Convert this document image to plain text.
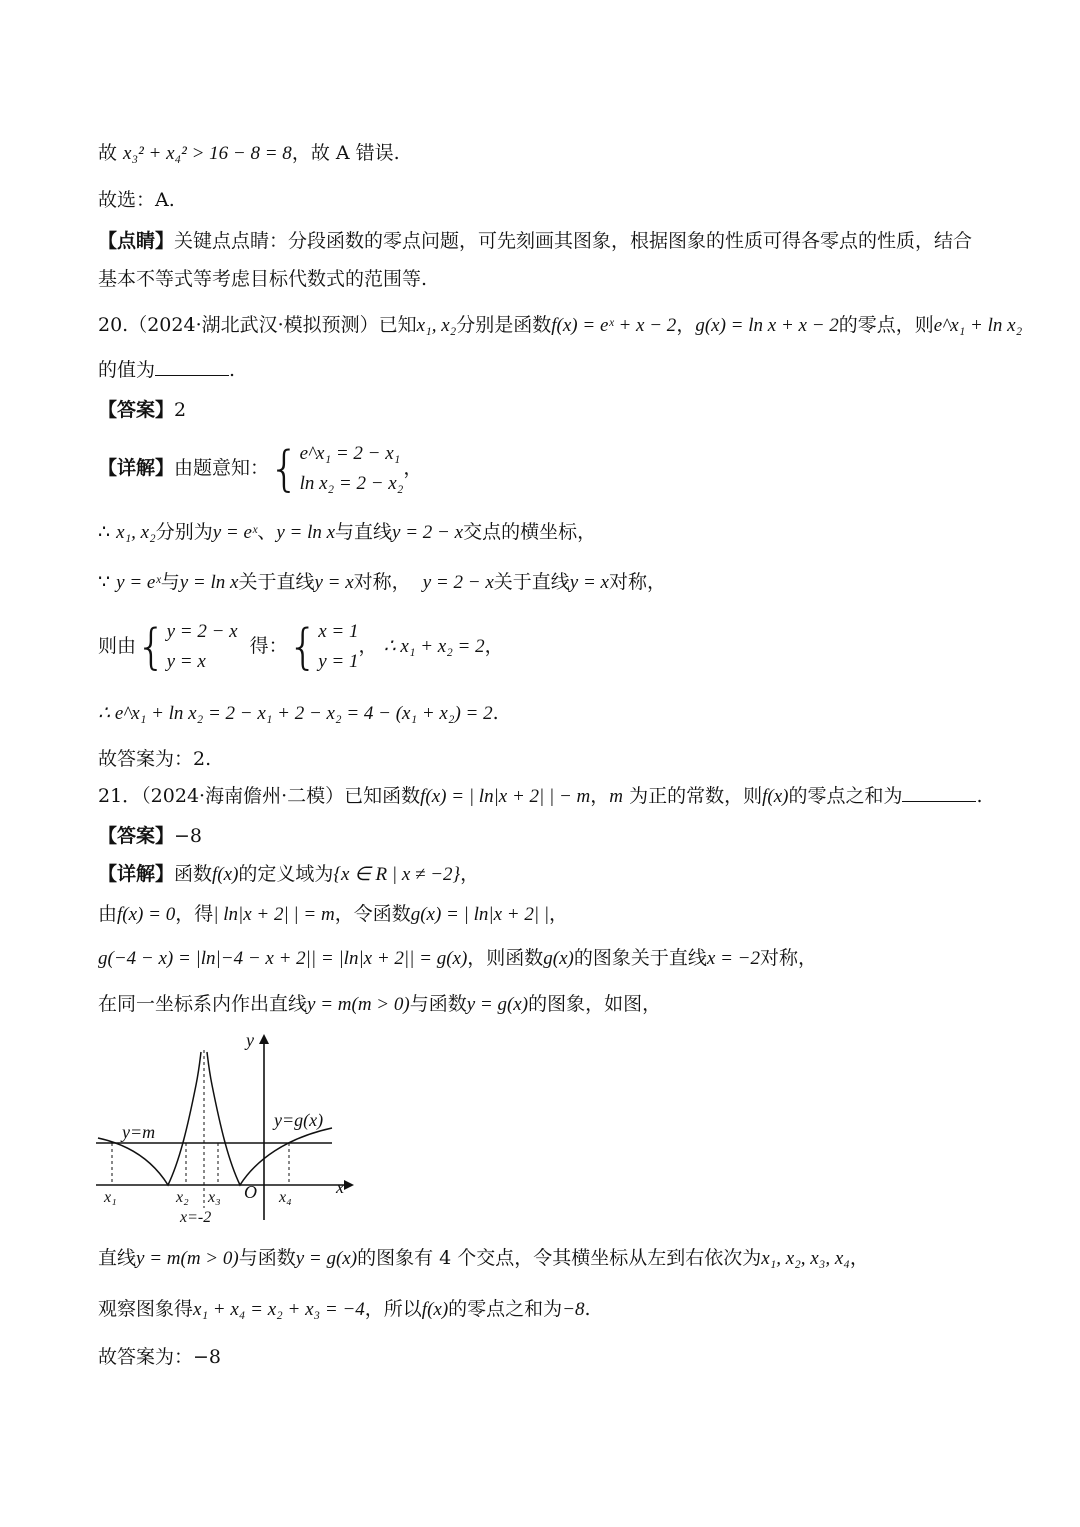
故 x₃² + x₄² > 16 − 8 = 8，故 A 错误.
故选：A.
【点睛】关键点点睛：分段函数的零点问题，可先刻画其图象，根据图象的性质可得各零点的性质，结合
基本不等式等考虑目标代数式的范围等.
20.（2024·湖北武汉·模拟预测）已知x₁, x₂分别是函数f(x) = eˣ + x − 2，g(x) = ln x + x − 2的零点，则e^x₁ + ln x₂
的值为	.
【答案】2
【详解】由题意知：{e^x₁ = 2 − x₁
ln x₂ = 2 − x₂，
∴ x₁, x₂分别为y = eˣ、y = ln x与直线y = 2 − x交点的横坐标，
∵ y = eˣ与y = ln x关于直线y = x对称， y = 2 − x关于直线y = x对称，
则由{y = 2 − x
y = x  得：{x = 1
y = 1， ∴ x₁ + x₂ = 2，
∴ e^x₁ + ln x₂ = 2 − x₁ + 2 − x₂ = 4 − (x₁ + x₂) = 2.
故答案为：2.
21．（2024·海南儋州·二模）已知函数f(x) = | ln|x + 2| | − m，m 为正的常数，则f(x)的零点之和为	.
【答案】−8
【详解】函数f(x)的定义域为{x ∈ R | x ≠ −2}，
由f(x) = 0，得| ln|x + 2| | = m，令函数g(x) = | ln|x + 2| |，
g(−4 − x) = |ln|−4 − x + 2|| = |ln|x + 2|| = g(x)，则函数g(x)的图象关于直线x = −2对称，
在同一坐标系内作出直线y = m(m > 0)与函数y = g(x)的图象，如图，
y
x
O
y=m
y=g(x)
x₁	x₂ x₃	x₄
x=-2
直线y = m(m > 0)与函数y = g(x)的图象有 4 个交点，令其横坐标从左到右依次为x₁, x₂, x₃, x₄，
观察图象得x₁ + x₄ = x₂ + x₃ = −4，所以f(x)的零点之和为−8.
故答案为：−8
